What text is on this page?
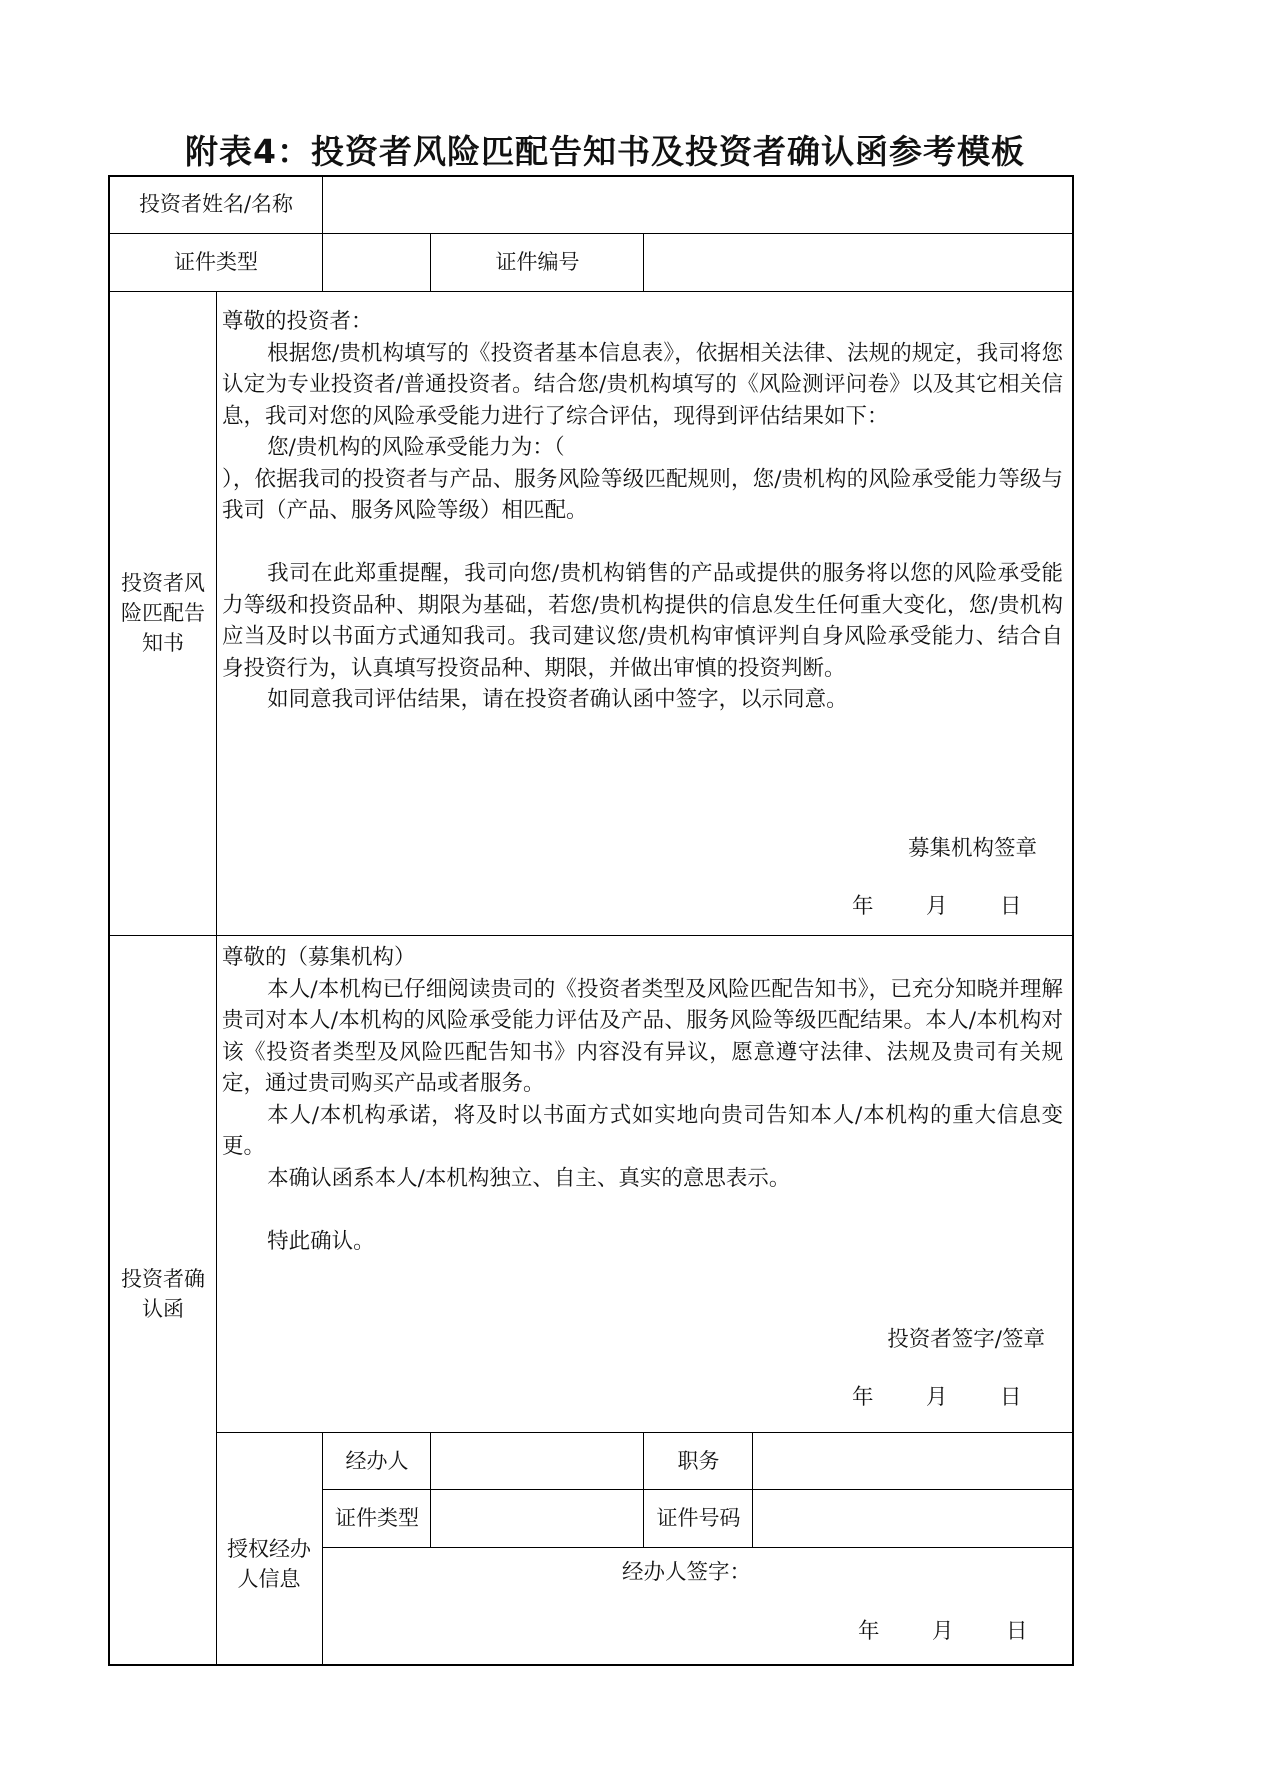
附表4：投资者风险匹配告知书及投资者确认函参考模板
投资者姓名/名称
证件类型	证件编号
投资者风险匹配告知书

尊敬的投资者：

根据您/贵机构填写的《投资者基本信息表》，依据相关法律、法规的规定，我司将您认定为专业投资者/普通投资者。结合您/贵机构填写的《风险测评问卷》以及其它相关信息，我司对您的风险承受能力进行了综合评估，现得到评估结果如下：

您/贵机构的风险承受能力为：（

），依据我司的投资者与产品、服务风险等级匹配规则，您/贵机构的风险承受能力等级与我司（产品、服务风险等级）相匹配。

我司在此郑重提醒，我司向您/贵机构销售的产品或提供的服务将以您的风险承受能力等级和投资品种、期限为基础，若您/贵机构提供的信息发生任何重大变化，您/贵机构应当及时以书面方式通知我司。我司建议您/贵机构审慎评判自身风险承受能力、结合自身投资行为，认真填写投资品种、期限，并做出审慎的投资判断。

如同意我司评估结果，请在投资者确认函中签字，以示同意。

募集机构签章
年 月 日
投资者确认函

尊敬的（募集机构）

本人/本机构已仔细阅读贵司的《投资者类型及风险匹配告知书》，已充分知晓并理解贵司对本人/本机构的风险承受能力评估及产品、服务风险等级匹配结果。本人/本机构对该《投资者类型及风险匹配告知书》内容没有异议，愿意遵守法律、法规及贵司有关规定，通过贵司购买产品或者服务。

本人/本机构承诺，将及时以书面方式如实地向贵司告知本人/本机构的重大信息变更。

本确认函系本人/本机构独立、自主、真实的意思表示。

特此确认。

投资者签字/签章
年 月 日
授权经办人信息
经办人	职务
证件类型	证件号码
经办人签字：
年 月 日
